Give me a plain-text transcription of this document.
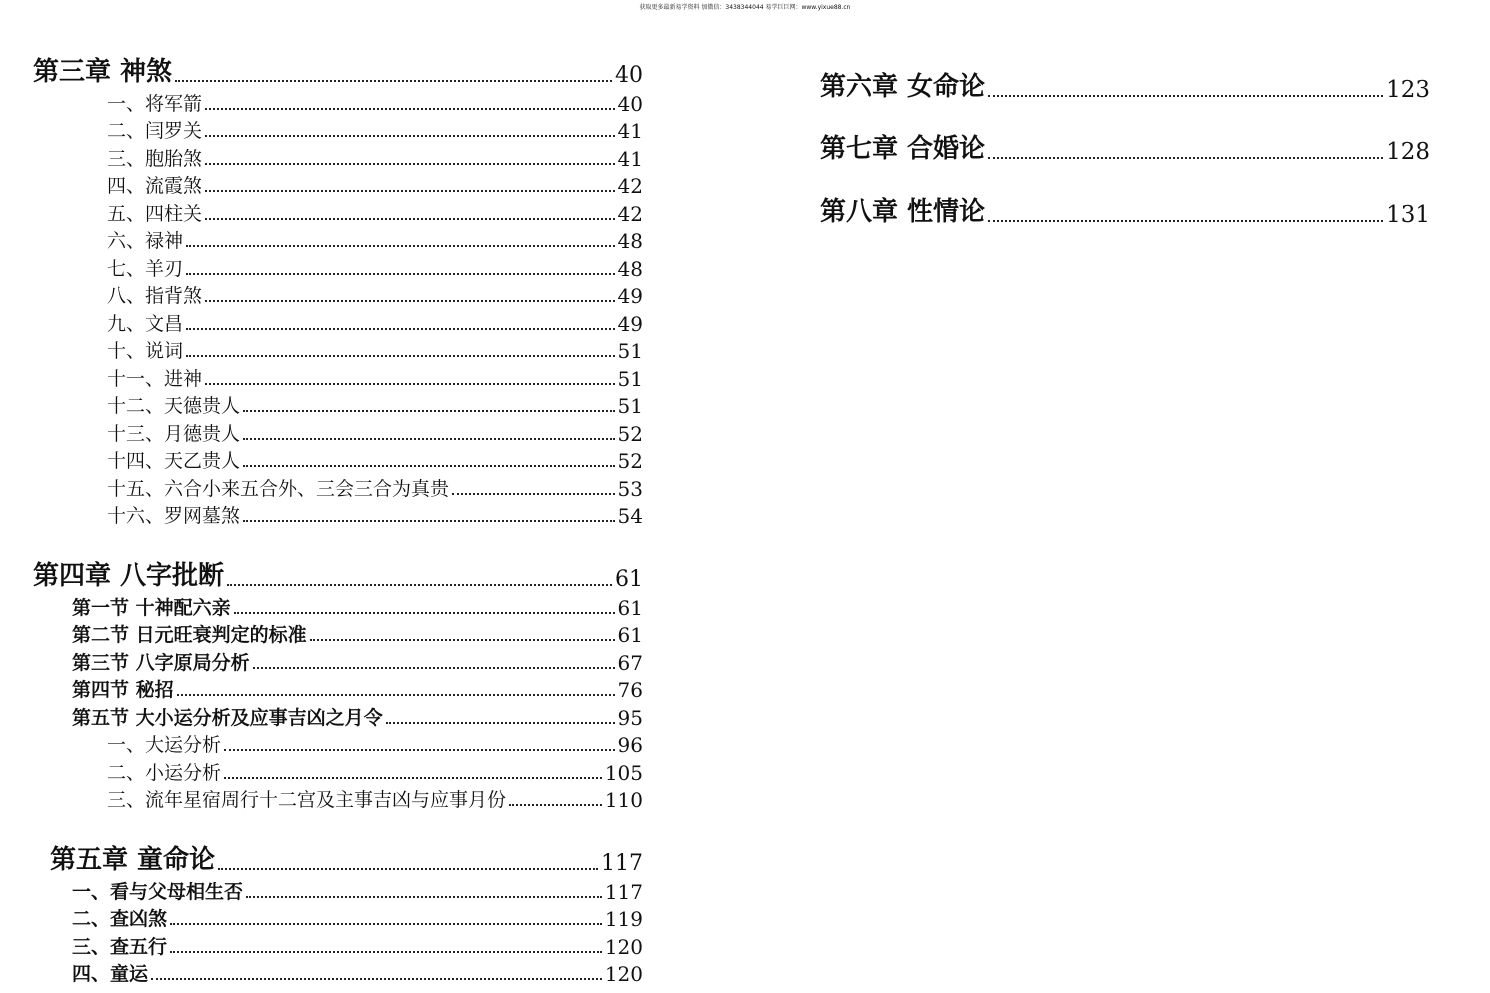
获取更多最新易学资料 加微信：3438344044 易学巨巨网：www.yixue88.cn
第三章 神煞	40
一、将军箭	40
二、闫罗关	41
三、胞胎煞	41
四、流霞煞	42
五、四柱关	42
六、禄神	48
七、羊刃	48
八、指背煞	49
九、文昌	49
十、说词	51
十一、进神	51
十二、天德贵人	51
十三、月德贵人	52
十四、天乙贵人	52
十五、六合小来五合外、三会三合为真贵	53
十六、罗网墓煞	54
第四章 八字批断	61
第一节 十神配六亲	61
第二节 日元旺衰判定的标准	61
第三节 八字原局分析	67
第四节 秘招	76
第五节 大小运分析及应事吉凶之月令	95
一、大运分析	96
二、小运分析	105
三、流年星宿周行十二宫及主事吉凶与应事月份	110
第五章 童命论	117
一、看与父母相生否	117
二、查凶煞	119
三、查五行	120
四、童运	120
第六章 女命论	123
第七章 合婚论	128
第八章 性情论	131
